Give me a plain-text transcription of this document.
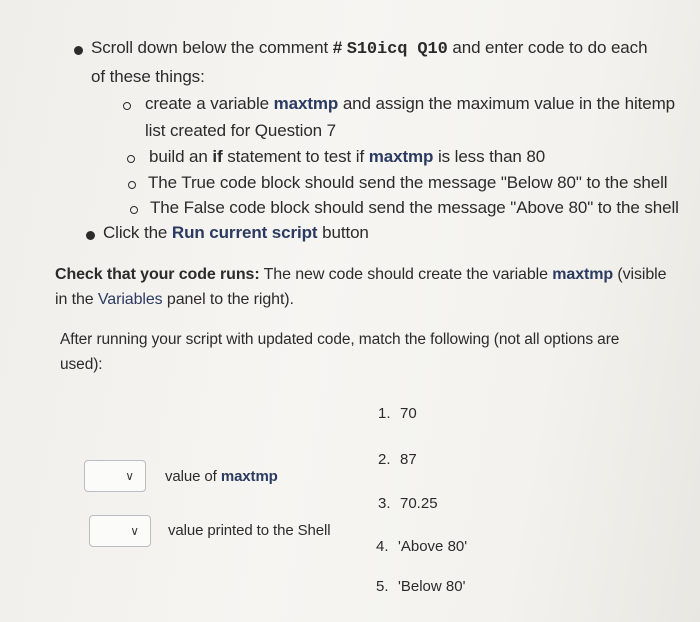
Scroll down below the comment # S10icq Q10 and enter code to do each
of these things:
create a variable maxtmp and assign the maximum value in the hitemp
list created for Question 7
build an if statement to test if maxtmp is less than 80
The True code block should send the message "Below 80" to the shell
The False code block should send the message "Above 80" to the shell
Click the Run current script button
Check that your code runs: The new code should create the variable maxtmp (visible
in the Variables panel to the right).
After running your script with updated code, match the following (not all options are
used):
∨ value of maxtmp
∨ value printed to the Shell
1. 70
2. 87
3. 70.25
4. 'Above 80'
5. 'Below 80'
